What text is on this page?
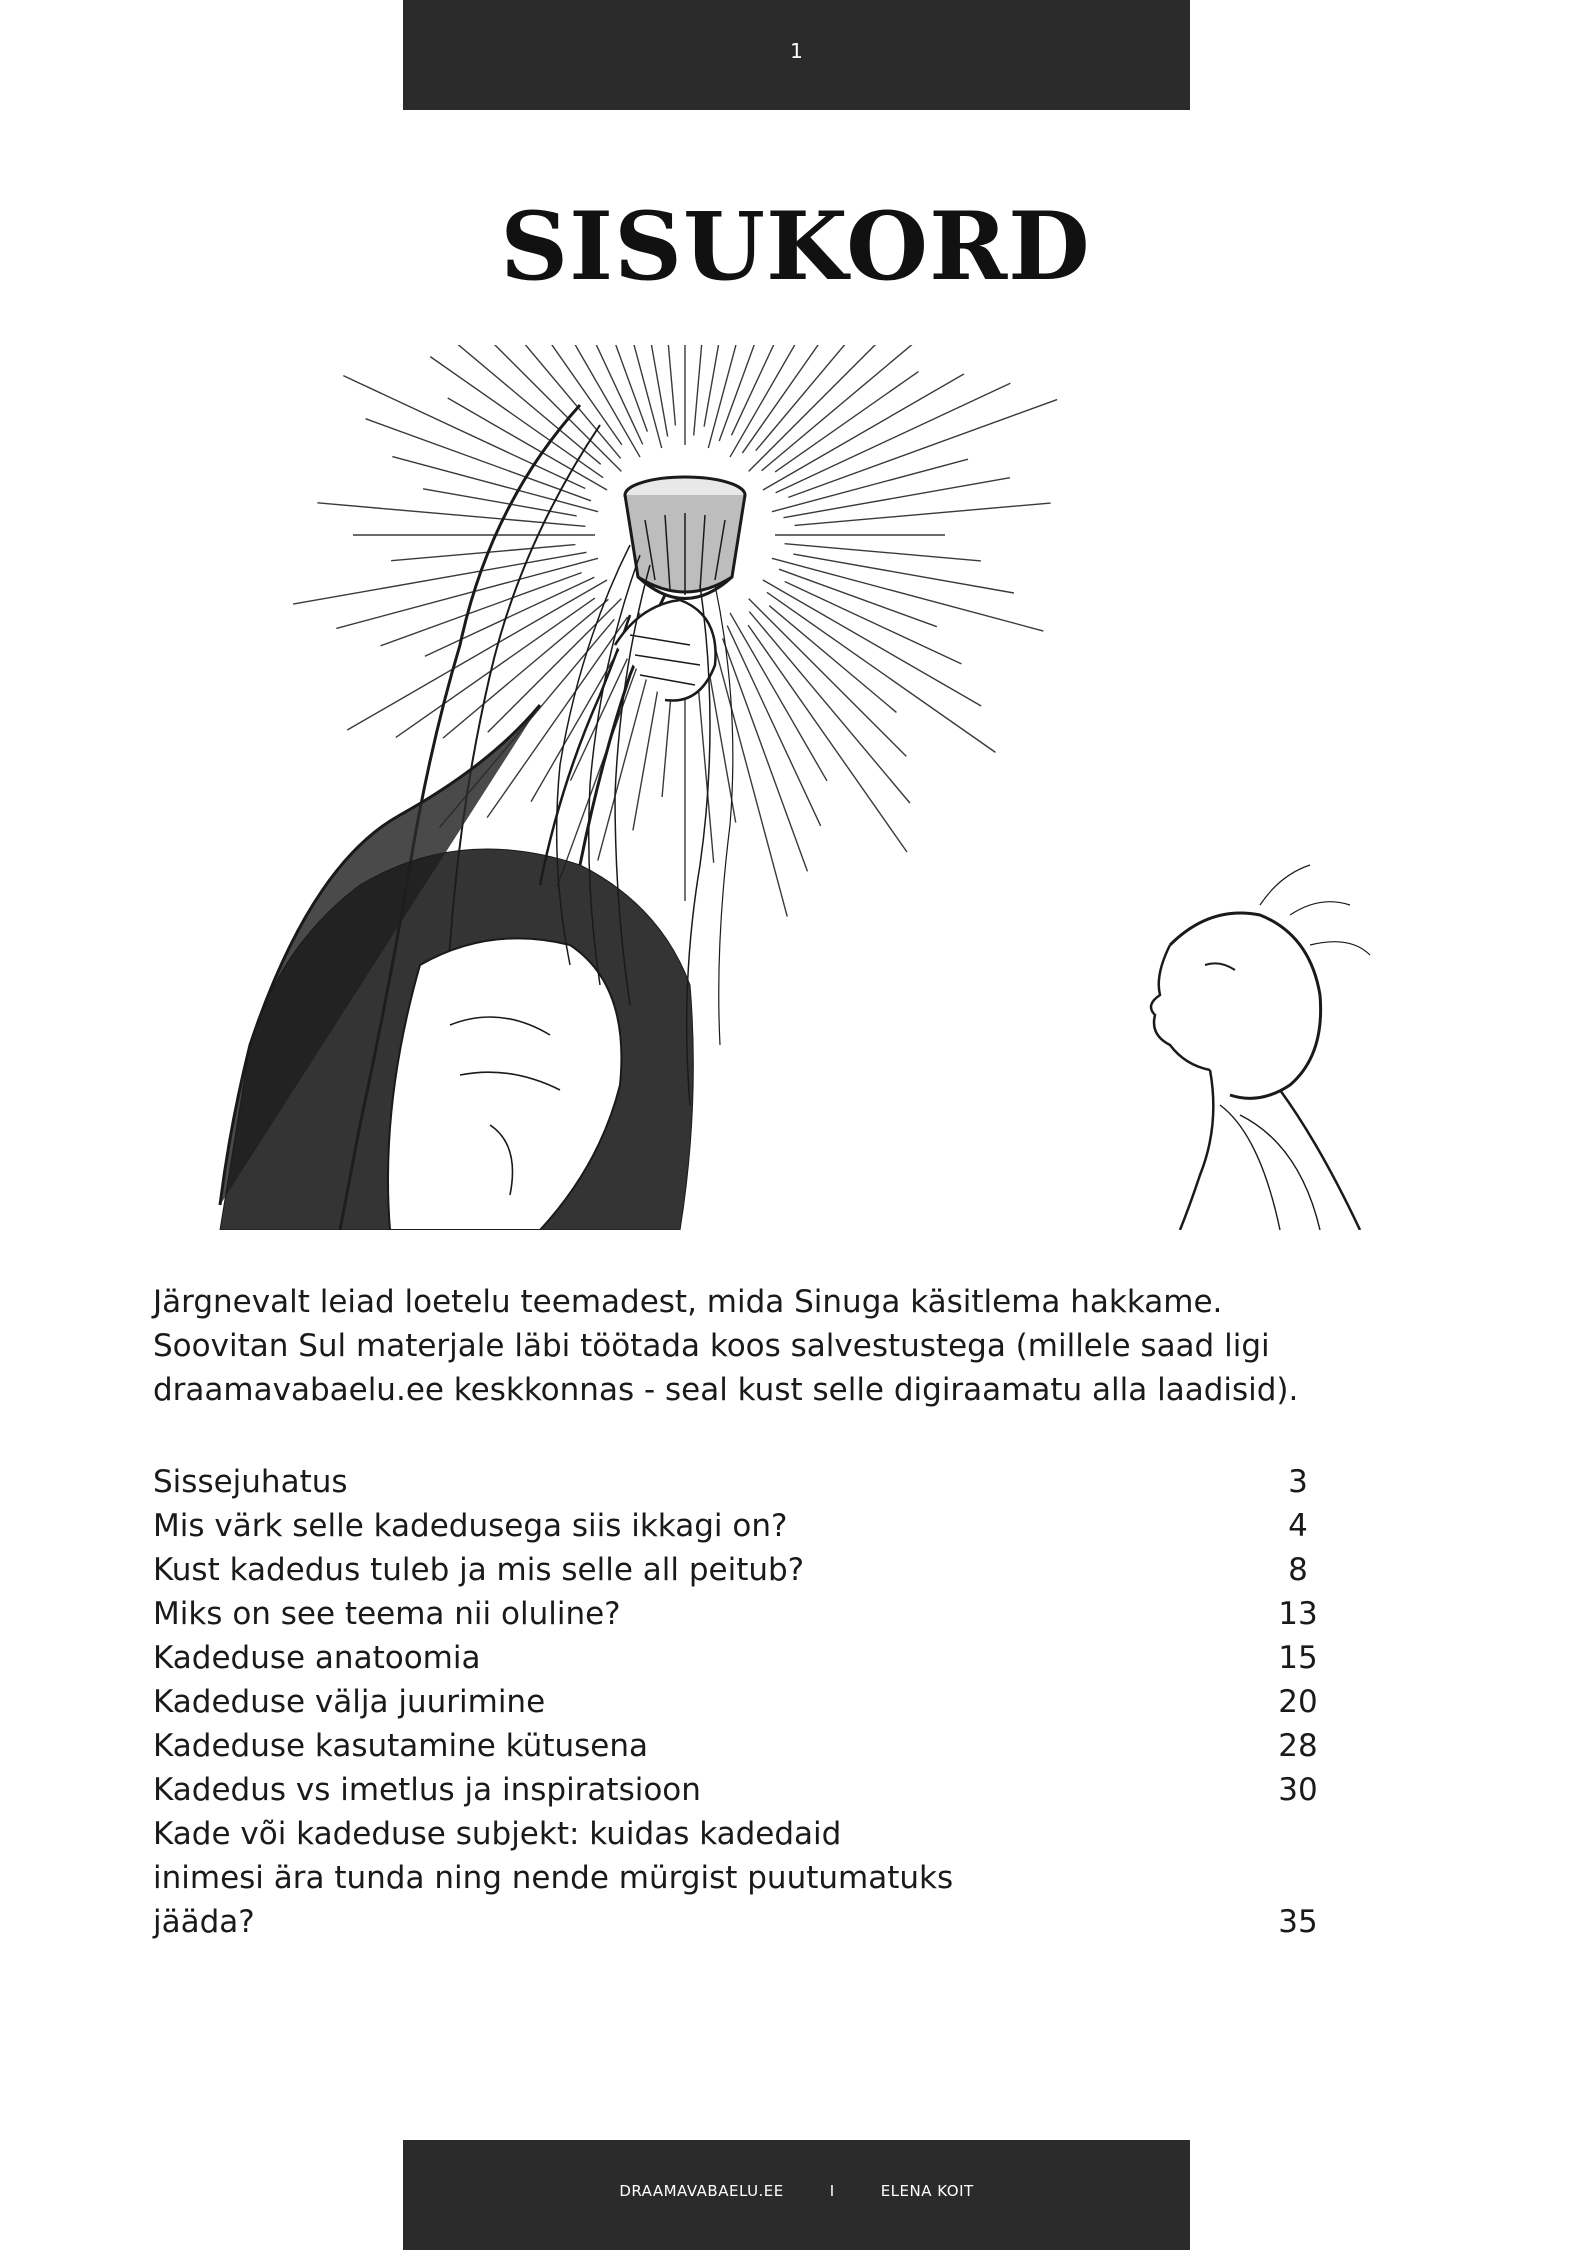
1
SISUKORD

Järgnevalt leiad loetelu teemadest, mida Sinuga käsitlema hakkame.
Soovitan Sul materjale läbi töötada koos salvestustega (millele saad ligi
draamavabaelu.ee keskkonnas - seal kust selle digiraamatu alla laadisid).

Sissejuhatus	3
Mis värk selle kadedusega siis ikkagi on?	4
Kust kadedus tuleb ja mis selle all peitub?	8
Miks on see teema nii oluline?	13
Kadeduse anatoomia	15
Kadeduse välja juurimine	20
Kadeduse kasutamine kütusena	28
Kadedus vs imetlus ja inspiratsioon	30
Kade või kadeduse subjekt: kuidas kadedaid
inimesi ära tunda ning nende mürgist puutumatuks
jääda?	35
DRAAMAVABAELU.EE	I	ELENA KOIT
